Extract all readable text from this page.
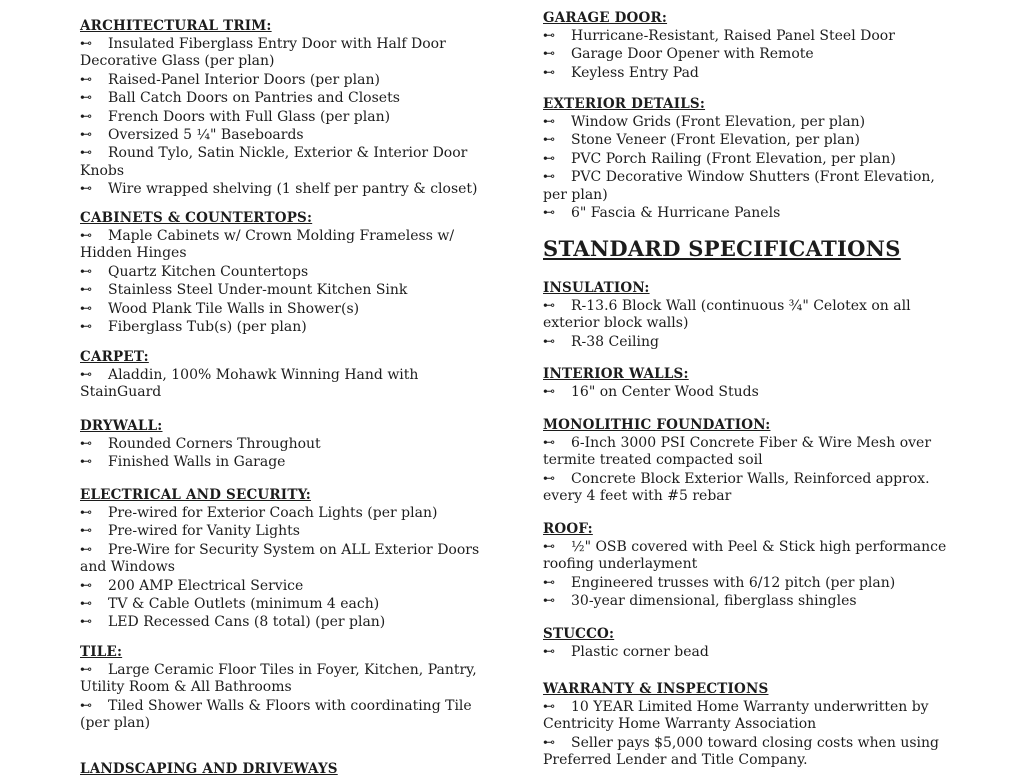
ARCHITECTURAL TRIM:
⊷ Insulated Fiberglass Entry Door with Half Door Decorative Glass (per plan)
⊷ Raised-Panel Interior Doors (per plan)
⊷ Ball Catch Doors on Pantries and Closets
⊷ French Doors with Full Glass (per plan)
⊷ Oversized 5 ¼" Baseboards
⊷ Round Tylo, Satin Nickle, Exterior & Interior Door Knobs
⊷ Wire wrapped shelving (1 shelf per pantry & closet)
CABINETS & COUNTERTOPS:
⊷ Maple Cabinets w/ Crown Molding Frameless w/ Hidden Hinges
⊷ Quartz Kitchen Countertops
⊷ Stainless Steel Under-mount Kitchen Sink
⊷ Wood Plank Tile Walls in Shower(s)
⊷ Fiberglass Tub(s) (per plan)
CARPET:
⊷ Aladdin, 100% Mohawk Winning Hand with StainGuard
DRYWALL:
⊷ Rounded Corners Throughout
⊷ Finished Walls in Garage
ELECTRICAL AND SECURITY:
⊷ Pre-wired for Exterior Coach Lights (per plan)
⊷ Pre-wired for Vanity Lights
⊷ Pre-Wire for Security System on ALL Exterior Doors and Windows
⊷ 200 AMP Electrical Service
⊷ TV & Cable Outlets (minimum 4 each)
⊷ LED Recessed Cans (8 total) (per plan)
TILE:
⊷ Large Ceramic Floor Tiles in Foyer, Kitchen, Pantry, Utility Room & All Bathrooms
⊷ Tiled Shower Walls & Floors with coordinating Tile (per plan)
LANDSCAPING AND DRIVEWAYS
GARAGE DOOR:
⊷ Hurricane-Resistant, Raised Panel Steel Door
⊷ Garage Door Opener with Remote
⊷ Keyless Entry Pad
EXTERIOR DETAILS:
⊷ Window Grids (Front Elevation, per plan)
⊷ Stone Veneer (Front Elevation, per plan)
⊷ PVC Porch Railing (Front Elevation, per plan)
⊷ PVC Decorative Window Shutters (Front Elevation, per plan)
⊷ 6" Fascia & Hurricane Panels
STANDARD SPECIFICATIONS
INSULATION:
⊷ R-13.6 Block Wall (continuous ¾" Celotex on all exterior block walls)
⊷ R-38 Ceiling
INTERIOR WALLS:
⊷ 16" on Center Wood Studs
MONOLITHIC FOUNDATION:
⊷ 6-Inch 3000 PSI Concrete Fiber & Wire Mesh over termite treated compacted soil
⊷ Concrete Block Exterior Walls, Reinforced approx. every 4 feet with #5 rebar
ROOF:
⊷ ½" OSB covered with Peel & Stick high performance roofing underlayment
⊷ Engineered trusses with 6/12 pitch (per plan)
⊷ 30-year dimensional, fiberglass shingles
STUCCO:
⊷ Plastic corner bead
WARRANTY & INSPECTIONS
⊷ 10 YEAR Limited Home Warranty underwritten by Centricity Home Warranty Association
⊷ Seller pays $5,000 toward closing costs when using Preferred Lender and Title Company.
